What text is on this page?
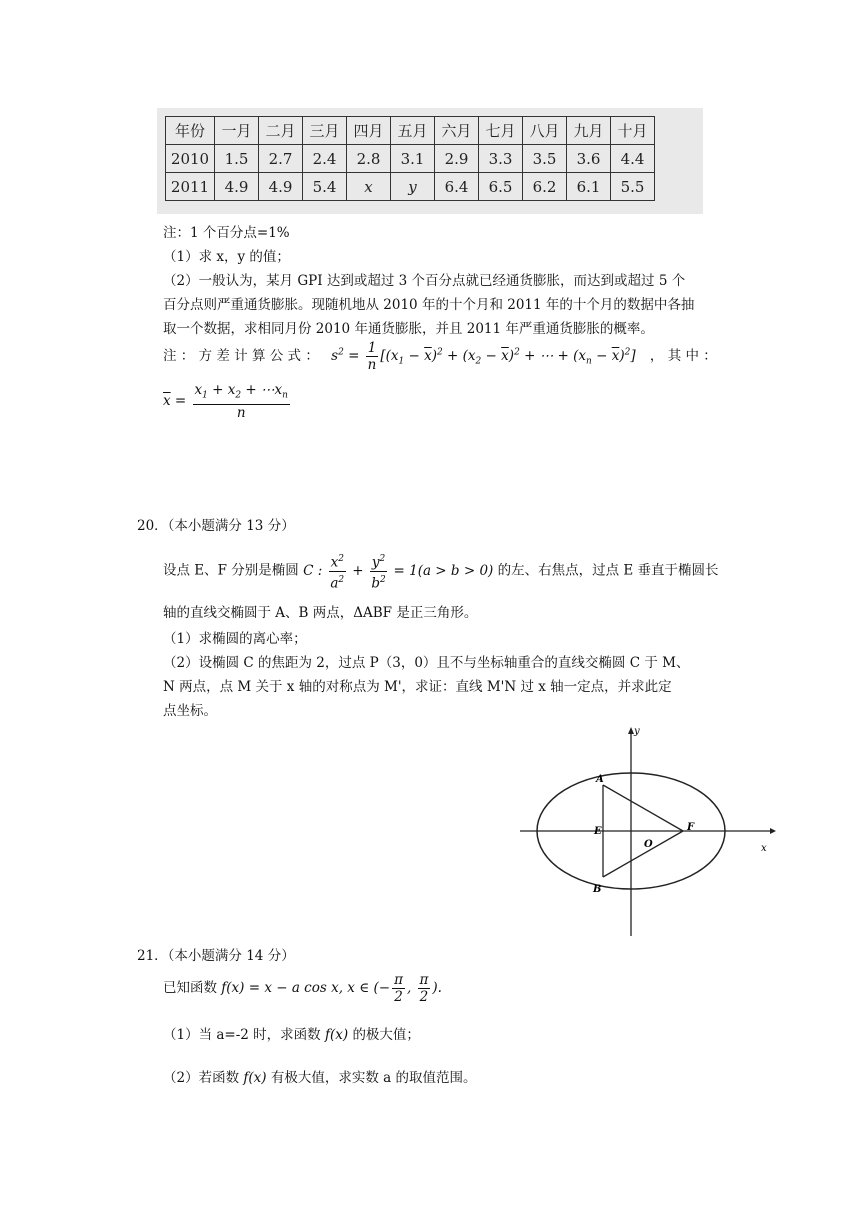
年份	一月	二月	三月	四月	五月	六月	七月	八月	九月	十月
2010	1.5	2.7	2.4	2.8	3.1	2.9	3.3	3.5	3.6	4.4
2011	4.9	4.9	5.4	x	y	6.4	6.5	6.2	6.1	5.5
注：1 个百分点=1%
（1）求 x，y 的值；
（2）一般认为，某月 GPI 达到或超过 3 个百分点就已经通货膨胀，而达到或超过 5 个
百分点则严重通货膨胀。现随机地从 2010 年的十个月和 2011 年的十个月的数据中各抽
取一个数据，求相同月份 2010 年通货膨胀，并且 2011 年严重通货膨胀的概率。
注 ： 方 差 计 算 公 式 ： $s^2 = \frac{1}{n} [(x_1 - \overline{x})^2 + (x_2 - \overline{x})^2$ + ⋯ + $(x_n - \overline{x})^2$] ， 其 中 ：
$\overline{x} = \frac{x_1 + x_2 + \cdots x_n}{n}$
20．（本小题满分 13 分）
设点 E、F 分别是椭圆 C : $\frac{x^2}{a^2} + \frac{y^2}{b^2} = 1(a > b > 0)$ 的左、右焦点，过点 E 垂直于椭圆长
轴的直线交椭圆于 A、B 两点，ΔABF 是正三角形。
（1）求椭圆的离心率；
（2）设椭圆 C 的焦距为 2，过点 P（3，0）且不与坐标轴重合的直线交椭圆 C 于 M、
N 两点，点 M 关于 x 轴的对称点为 M'，求证：直线 M'N 过 x 轴一定点，并求此定
点坐标。
y
x
A
B
E	F
O
21．（本小题满分 14 分）
已知函数 f(x) = x − a cos x, x ∈ (− $\frac{\pi}{2}$ , $\frac{\pi}{2}$ ).
（1）当 a=-2 时，求函数 f(x) 的极大值；
（2）若函数 f(x) 有极大值，求实数 a 的取值范围。
